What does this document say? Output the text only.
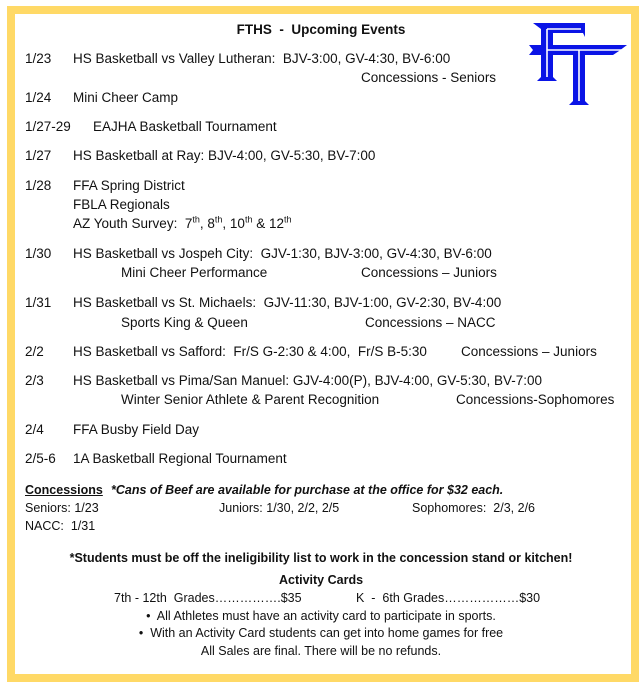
FTHS  -  Upcoming Events
1/23 HS Basketball vs Valley Lutheran:  BJV-3:00, GV-4:30, BV-6:00
Concessions - Seniors
1/24 Mini Cheer Camp
1/27-29 EAJHA Basketball Tournament
1/27 HS Basketball at Ray: BJV-4:00, GV-5:30, BV-7:00
1/28 FFA Spring District
FBLA Regionals
AZ Youth Survey:  7th, 8th, 10th & 12th
1/30 HS Basketball vs Jospeh City:  GJV-1:30, BJV-3:00, GV-4:30, BV-6:00
Mini Cheer Performance	Concessions – Juniors
1/31 HS Basketball vs St. Michaels:  GJV-11:30, BJV-1:00, GV-2:30, BV-4:00
Sports King & Queen	Concessions – NACC
2/2 HS Basketball vs Safford:  Fr/S G-2:30 & 4:00,  Fr/S B-5:30	Concessions – Juniors
2/3 HS Basketball vs Pima/San Manuel: GJV-4:00(P), BJV-4:00, GV-5:30, BV-7:00
Winter Senior Athlete & Parent Recognition	Concessions-Sophomores
2/4 FFA Busby Field Day
2/5-6 1A Basketball Regional Tournament
Concessions *Cans of Beef are available for purchase at the office for $32 each.
Seniors: 1/23	Juniors: 1/30, 2/2, 2/5	Sophomores:  2/3, 2/6
NACC:  1/31
*Students must be off the ineligibility list to work in the concession stand or kitchen!
Activity Cards
7th - 12th  Grades…………….$35	K  -  6th Grades………………$30
•  All Athletes must have an activity card to participate in sports.
•  With an Activity Card students can get into home games for free
All Sales are final. There will be no refunds.
